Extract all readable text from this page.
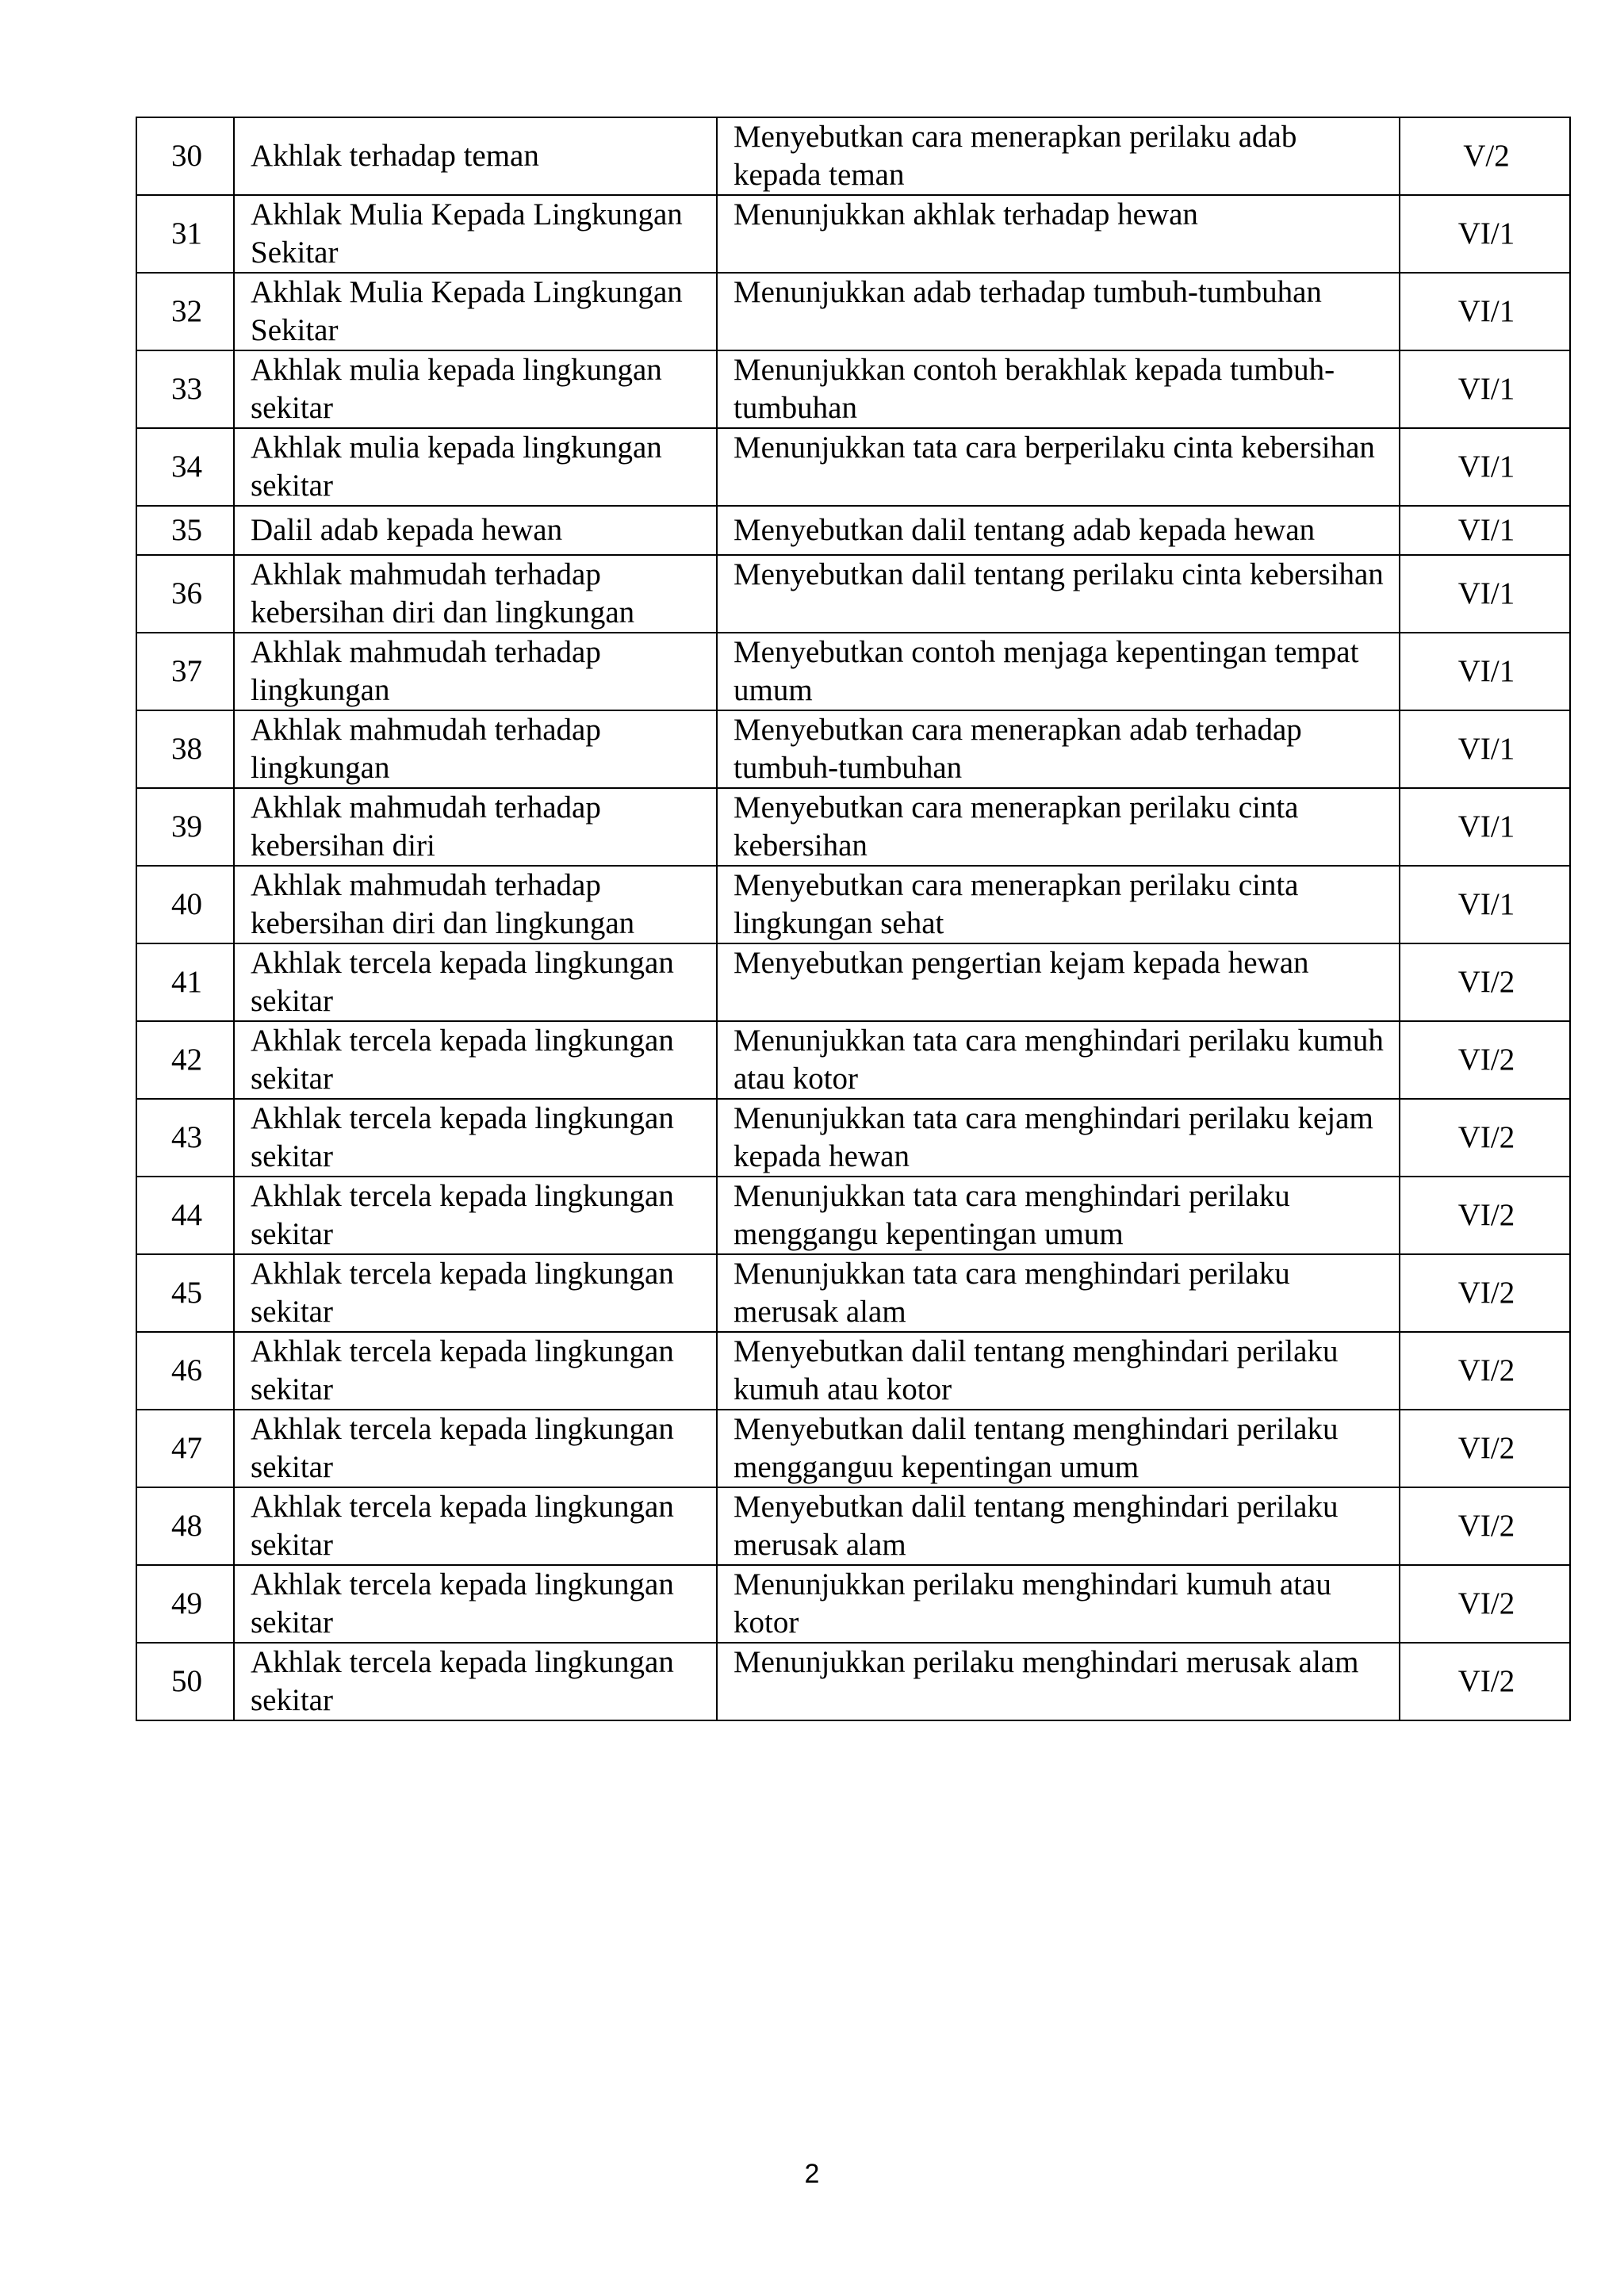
30	Akhlak terhadap teman	Menyebutkan cara menerapkan perilaku adab kepada teman	V/2

31	Akhlak Mulia Kepada Lingkungan Sekitar	Menunjukkan akhlak terhadap hewan	VI/1

32	Akhlak Mulia Kepada Lingkungan Sekitar	Menunjukkan adab terhadap tumbuh-tumbuhan	VI/1

33	Akhlak mulia kepada lingkungan sekitar	Menunjukkan contoh berakhlak kepada tumbuh-tumbuhan	VI/1

34	Akhlak mulia kepada lingkungan sekitar	Menunjukkan tata cara berperilaku cinta kebersihan	VI/1

35	Dalil adab kepada hewan	Menyebutkan dalil tentang adab kepada hewan	VI/1

36	Akhlak mahmudah terhadap kebersihan diri dan lingkungan	Menyebutkan dalil tentang perilaku cinta kebersihan	VI/1

37	Akhlak mahmudah terhadap lingkungan	Menyebutkan contoh menjaga kepentingan tempat umum	VI/1

38	Akhlak mahmudah terhadap lingkungan	Menyebutkan cara menerapkan adab terhadap tumbuh-tumbuhan	VI/1

39	Akhlak mahmudah terhadap kebersihan diri	Menyebutkan cara menerapkan perilaku cinta kebersihan	VI/1

40	Akhlak mahmudah terhadap kebersihan diri dan lingkungan	Menyebutkan cara menerapkan perilaku cinta lingkungan sehat	VI/1

41	Akhlak tercela kepada lingkungan sekitar	Menyebutkan pengertian kejam kepada hewan	VI/2

42	Akhlak tercela kepada lingkungan sekitar	Menunjukkan tata cara menghindari perilaku kumuh atau kotor	VI/2

43	Akhlak tercela kepada lingkungan sekitar	Menunjukkan tata cara menghindari perilaku kejam kepada hewan	VI/2

44	Akhlak tercela kepada lingkungan sekitar	Menunjukkan tata cara menghindari perilaku menggangu kepentingan umum	VI/2

45	Akhlak tercela kepada lingkungan sekitar	Menunjukkan tata cara menghindari perilaku merusak alam	VI/2

46	Akhlak tercela kepada lingkungan sekitar	Menyebutkan dalil tentang menghindari perilaku kumuh atau kotor	VI/2

47	Akhlak tercela kepada lingkungan sekitar	Menyebutkan dalil tentang menghindari perilaku mengganguu kepentingan umum	VI/2

48	Akhlak tercela kepada lingkungan sekitar	Menyebutkan dalil tentang menghindari perilaku merusak alam	VI/2

49	Akhlak tercela kepada lingkungan sekitar	Menunjukkan perilaku menghindari kumuh atau kotor	VI/2

50	Akhlak tercela kepada lingkungan sekitar	Menunjukkan perilaku menghindari merusak alam	VI/2
2
